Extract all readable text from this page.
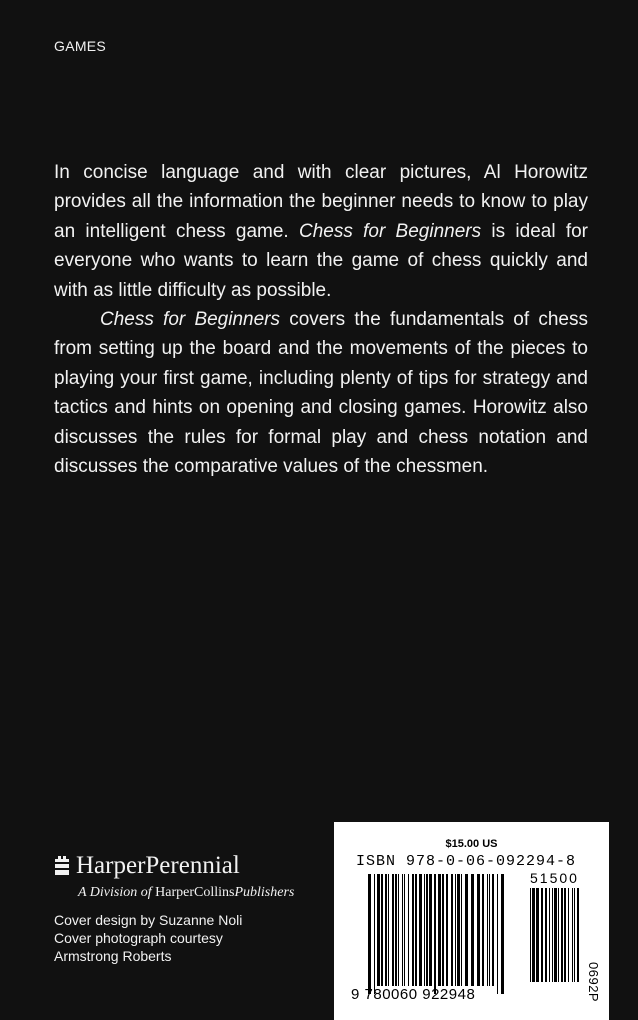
GAMES

In concise language and with clear pictures, Al Horowitz provides all the information the beginner needs to know to play an intelligent chess game. Chess for Beginners is ideal for everyone who wants to learn the game of chess quickly and with as little difficulty as possible.

Chess for Beginners covers the fundamentals of chess from setting up the board and the movements of the pieces to playing your first game, including plenty of tips for strategy and tactics and hints on opening and closing games. Horowitz also discusses the rules for formal play and chess notation and discusses the comparative values of the chessmen.

HarperPerennial
A Division of HarperCollinsPublishers
Cover design by Suzanne Noli
Cover photograph courtesy
Armstrong Roberts
$15.00 US
ISBN 978-0-06-092294-8
9 780060 922948
51500
0692P
